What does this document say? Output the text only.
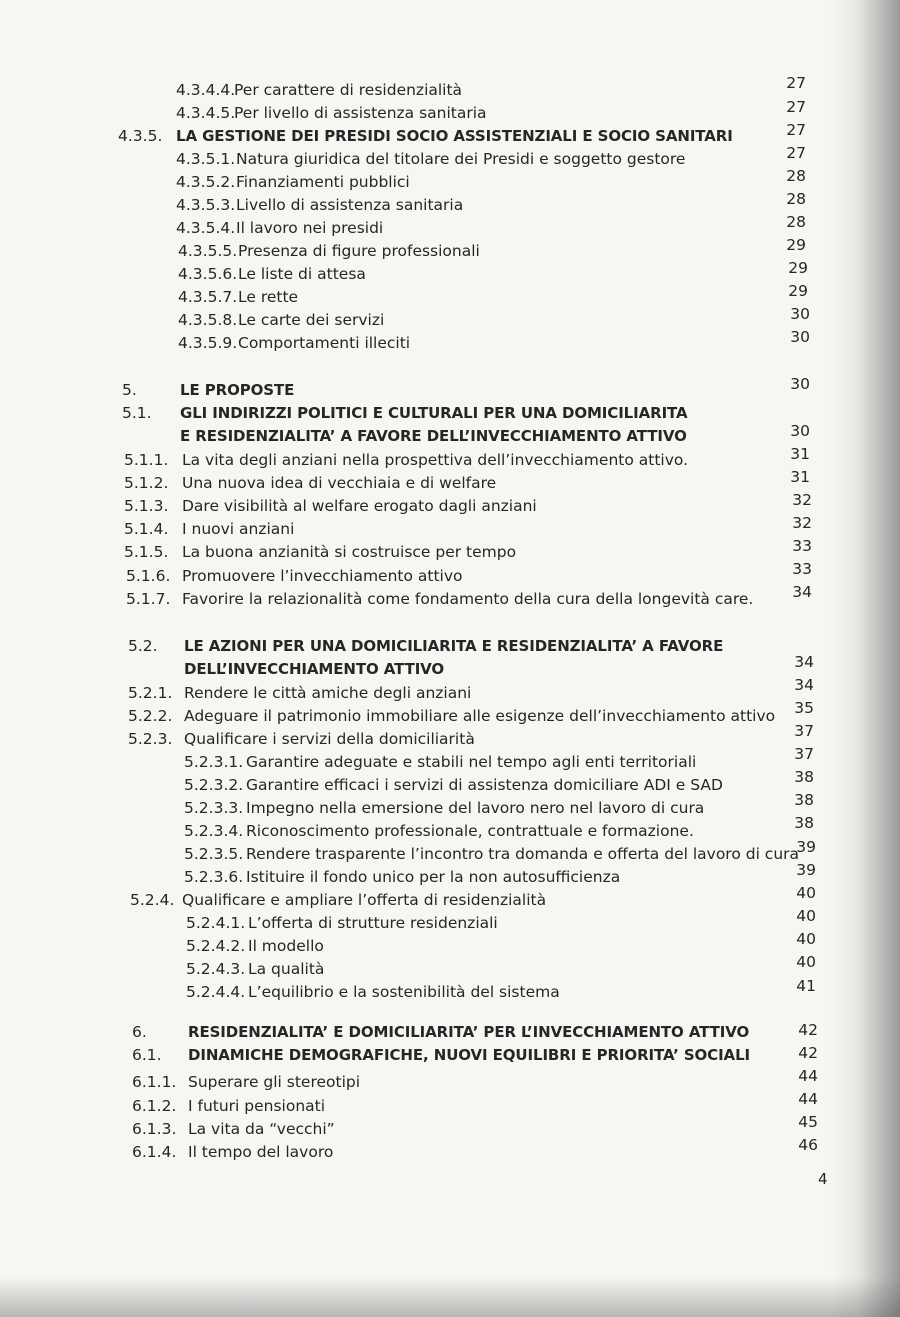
4.3.4.4.
Per carattere di residenzialità
4.3.4.5.
Per livello di assistenza sanitaria
4.3.5. LA GESTIONE DEI PRESIDI SOCIO ASSISTENZIALI E SOCIO SANITARI
4.3.5.1. Natura giuridica del titolare dei Presidi e soggetto gestore
4.3.5.2. Finanziamenti pubblici
4.3.5.3. Livello di assistenza sanitaria
4.3.5.4. Il lavoro nei presidi
4.3.5.5. Presenza di figure professionali
4.3.5.6. Le liste di attesa
4.3.5.7. Le rette
4.3.5.8. Le carte dei servizi
4.3.5.9. Comportamenti illeciti
5.	LE PROPOSTE
5.1. GLI INDIRIZZI POLITICI E CULTURALI PER UNA DOMICILIARITA
E RESIDENZIALITA’ A FAVORE DELL’INVECCHIAMENTO ATTIVO
5.1.1. La vita degli anziani nella prospettiva dell’invecchiamento attivo.
5.1.2. Una nuova idea di vecchiaia e di welfare
5.1.3. Dare visibilità al welfare erogato dagli anziani
5.1.4. I nuovi anziani
5.1.5. La buona anzianità si costruisce per tempo
5.1.6. Promuovere l’invecchiamento attivo
5.1.7. Favorire la relazionalità come fondamento della cura della longevità care.
5.2. LE AZIONI PER UNA DOMICILIARITA E RESIDENZIALITA’ A FAVORE
DELL’INVECCHIAMENTO ATTIVO
5.2.1. Rendere le città amiche degli anziani
5.2.2. Adeguare il patrimonio immobiliare alle esigenze dell’invecchiamento attivo
5.2.3. Qualificare i servizi della domiciliarità
5.2.3.1. Garantire adeguate e stabili nel tempo agli enti territoriali
5.2.3.2. Garantire efficaci i servizi di assistenza domiciliare ADI e SAD
5.2.3.3. Impegno nella emersione del lavoro nero nel lavoro di cura
5.2.3.4. Riconoscimento professionale, contrattuale e formazione.
5.2.3.5. Rendere trasparente l’incontro tra domanda e offerta del lavoro di cura
5.2.3.6. Istituire il fondo unico per la non autosufficienza
5.2.4. Qualificare e ampliare l’offerta di residenzialità
5.2.4.1. L’offerta di strutture residenziali
5.2.4.2. Il modello
5.2.4.3. La qualità
5.2.4.4. L’equilibrio e la sostenibilità del sistema
6.	RESIDENZIALITA’ E DOMICILIARITA’ PER L’INVECCHIAMENTO ATTIVO
6.1. DINAMICHE DEMOGRAFICHE, NUOVI EQUILIBRI E PRIORITA’ SOCIALI
6.1.1. Superare gli stereotipi
6.1.2. I futuri pensionati
6.1.3. La vita da “vecchi”
6.1.4. Il tempo del lavoro
27
27
27
27
28
28
28
29
29
29
30
30
30
30
31
31
32
32
33
33
34
34
34
35
37
37
38
38
38
39
39
40
40
40
40
41
42
42
44
44
45
46
4
